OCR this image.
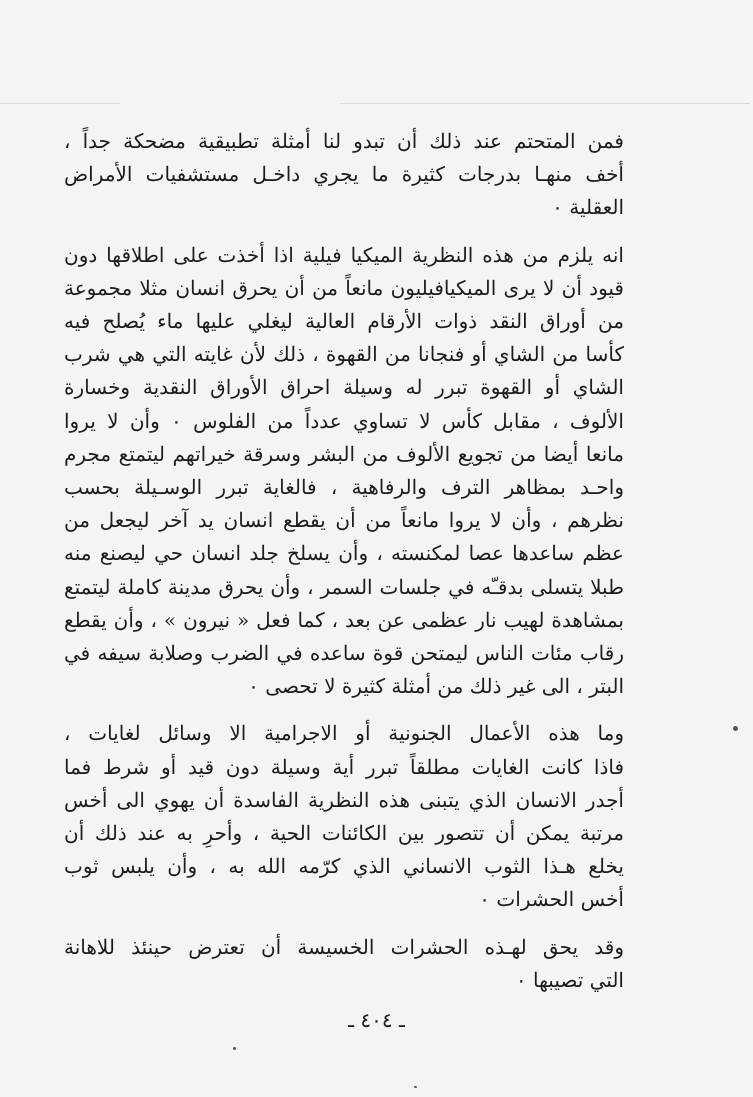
فمن المتحتم عند ذلك أن تبدو لنا أمثلة تطبيقية مضحكة جداً ،
أخف منهـا بدرجات كثيرة ما يجري داخـل مستشفيات الأمراض
العقلية ٠

انه يلزم من هذه النظرية الميكيا فيلية اذا أخذت على اطلاقها دون
قيود أن لا يرى الميكيافيليون مانعاً من أن يحرق انسان مثلا مجموعة
من أوراق النقد ذوات الأرقام العالية ليغلي عليها ماء يُصلح فيه
كأسا من الشاي أو فنجانا من القهوة ، ذلك لأن غايته التي هي شرب
الشاي أو القهوة تبرر له وسيلة احراق الأوراق النقدية وخسارة
الألوف ، مقابل كأس لا تساوي عدداً من الفلوس ٠ وأن لا يروا
مانعا أيضا من تجويع الألوف من البشر وسرقة خيراتهم ليتمتع مجرم
واحـد بمظاهر الترف والرفاهية ، فالغاية تبرر الوسـيلة بحسب
نظرهم ، وأن لا يروا مانعاً من أن يقطع انسان يد آخر ليجعل من
عظم ساعدها عصا لمكنسته ، وأن يسلخ جلد انسان حي ليصنع منه
طبلا يتسلى بدقـّه في جلسات السمر ، وأن يحرق مدينة كاملة ليتمتع
بمشاهدة لهيب نار عظمى عن بعد ، كما فعل « نيرون » ، وأن يقطع
رقاب مئات الناس ليمتحن قوة ساعده في الضرب وصلابة سيفه في
البتر ، الى غير ذلك من أمثلة كثيرة لا تحصى ٠

وما هذه الأعمال الجنونية أو الاجرامية الا وسائل لغايات ،
فاذا كانت الغايات مطلقاً تبرر أية وسيلة دون قيد أو شرط فما
أجدر الانسان الذي يتبنى هذه النظرية الفاسدة أن يهوي الى أخس
مرتبة يمكن أن تتصور بين الكائنات الحية ، وأحرِ به عند ذلك أن
يخلع هـذا الثوب الانساني الذي كرّمه الله به ، وأن يلبس ثوب
أخس الحشرات ٠

وقد يحق لهـذه الحشرات الخسيسة أن تعترض حينئذ للاهانة
التي تصيبها ٠

ـ ٤٠٤ ـ
